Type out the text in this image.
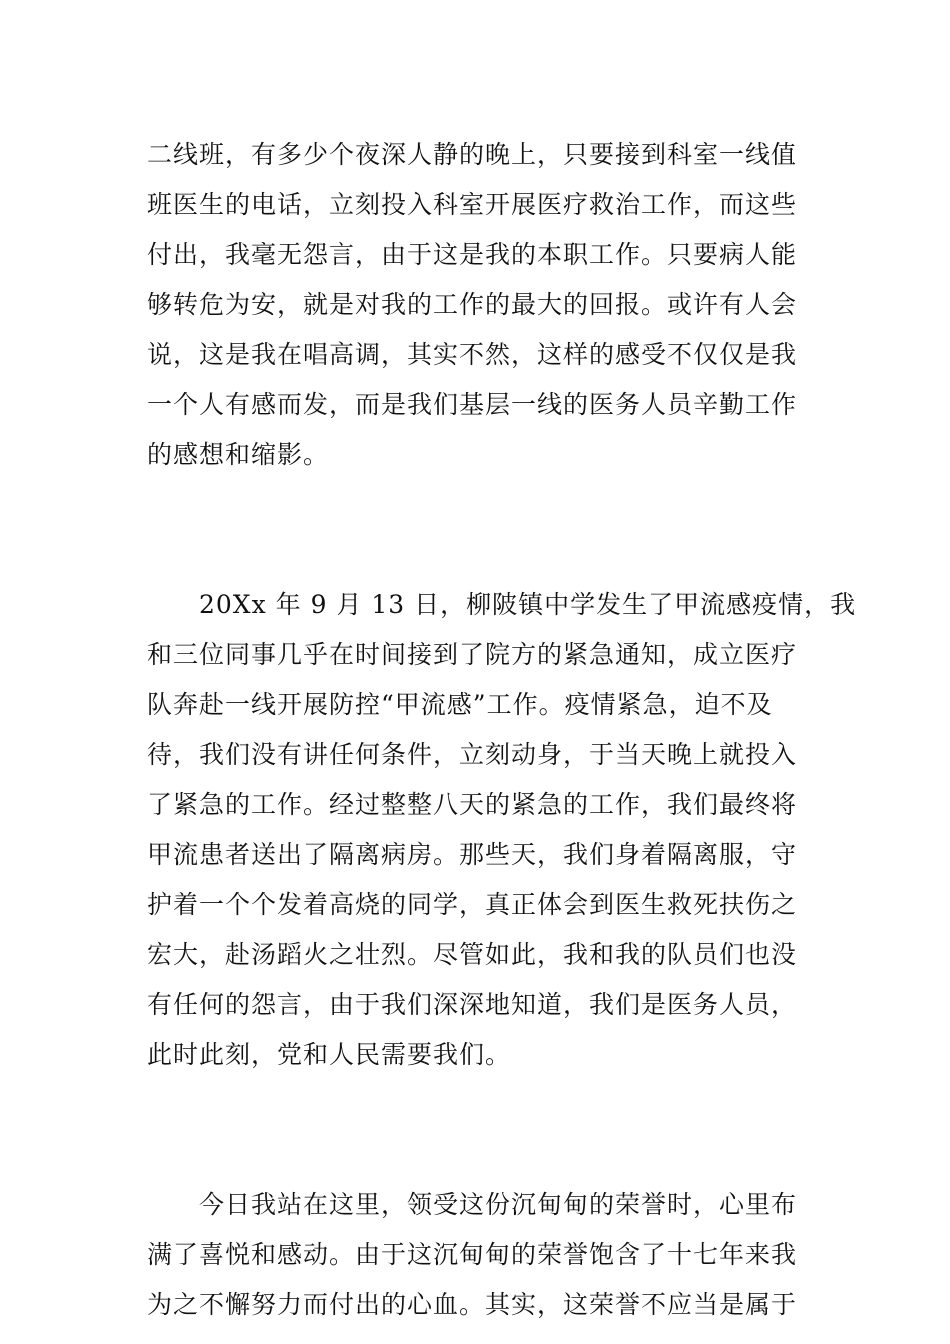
二线班，有多少个夜深人静的晚上，只要接到科室一线值
班医生的电话，立刻投入科室开展医疗救治工作，而这些
付出，我毫无怨言，由于这是我的本职工作。只要病人能
够转危为安，就是对我的工作的最大的回报。或许有人会
说，这是我在唱高调，其实不然，这样的感受不仅仅是我
一个人有感而发，而是我们基层一线的医务人员辛勤工作
的感想和缩影。
20Xx 年 9 月 13 日，柳陂镇中学发生了甲流感疫情，我
和三位同事几乎在时间接到了院方的紧急通知，成立医疗
队奔赴一线开展防控“甲流感”工作。疫情紧急，迫不及
待，我们没有讲任何条件，立刻动身，于当天晚上就投入
了紧急的工作。经过整整八天的紧急的工作，我们最终将
甲流患者送出了隔离病房。那些天，我们身着隔离服，守
护着一个个发着高烧的同学，真正体会到医生救死扶伤之
宏大，赴汤蹈火之壮烈。尽管如此，我和我的队员们也没
有任何的怨言，由于我们深深地知道，我们是医务人员，
此时此刻，党和人民需要我们。
今日我站在这里，领受这份沉甸甸的荣誉时，心里布
满了喜悦和感动。由于这沉甸甸的荣誉饱含了十七年来我
为之不懈努力而付出的心血。其实，这荣誉不应当是属于
